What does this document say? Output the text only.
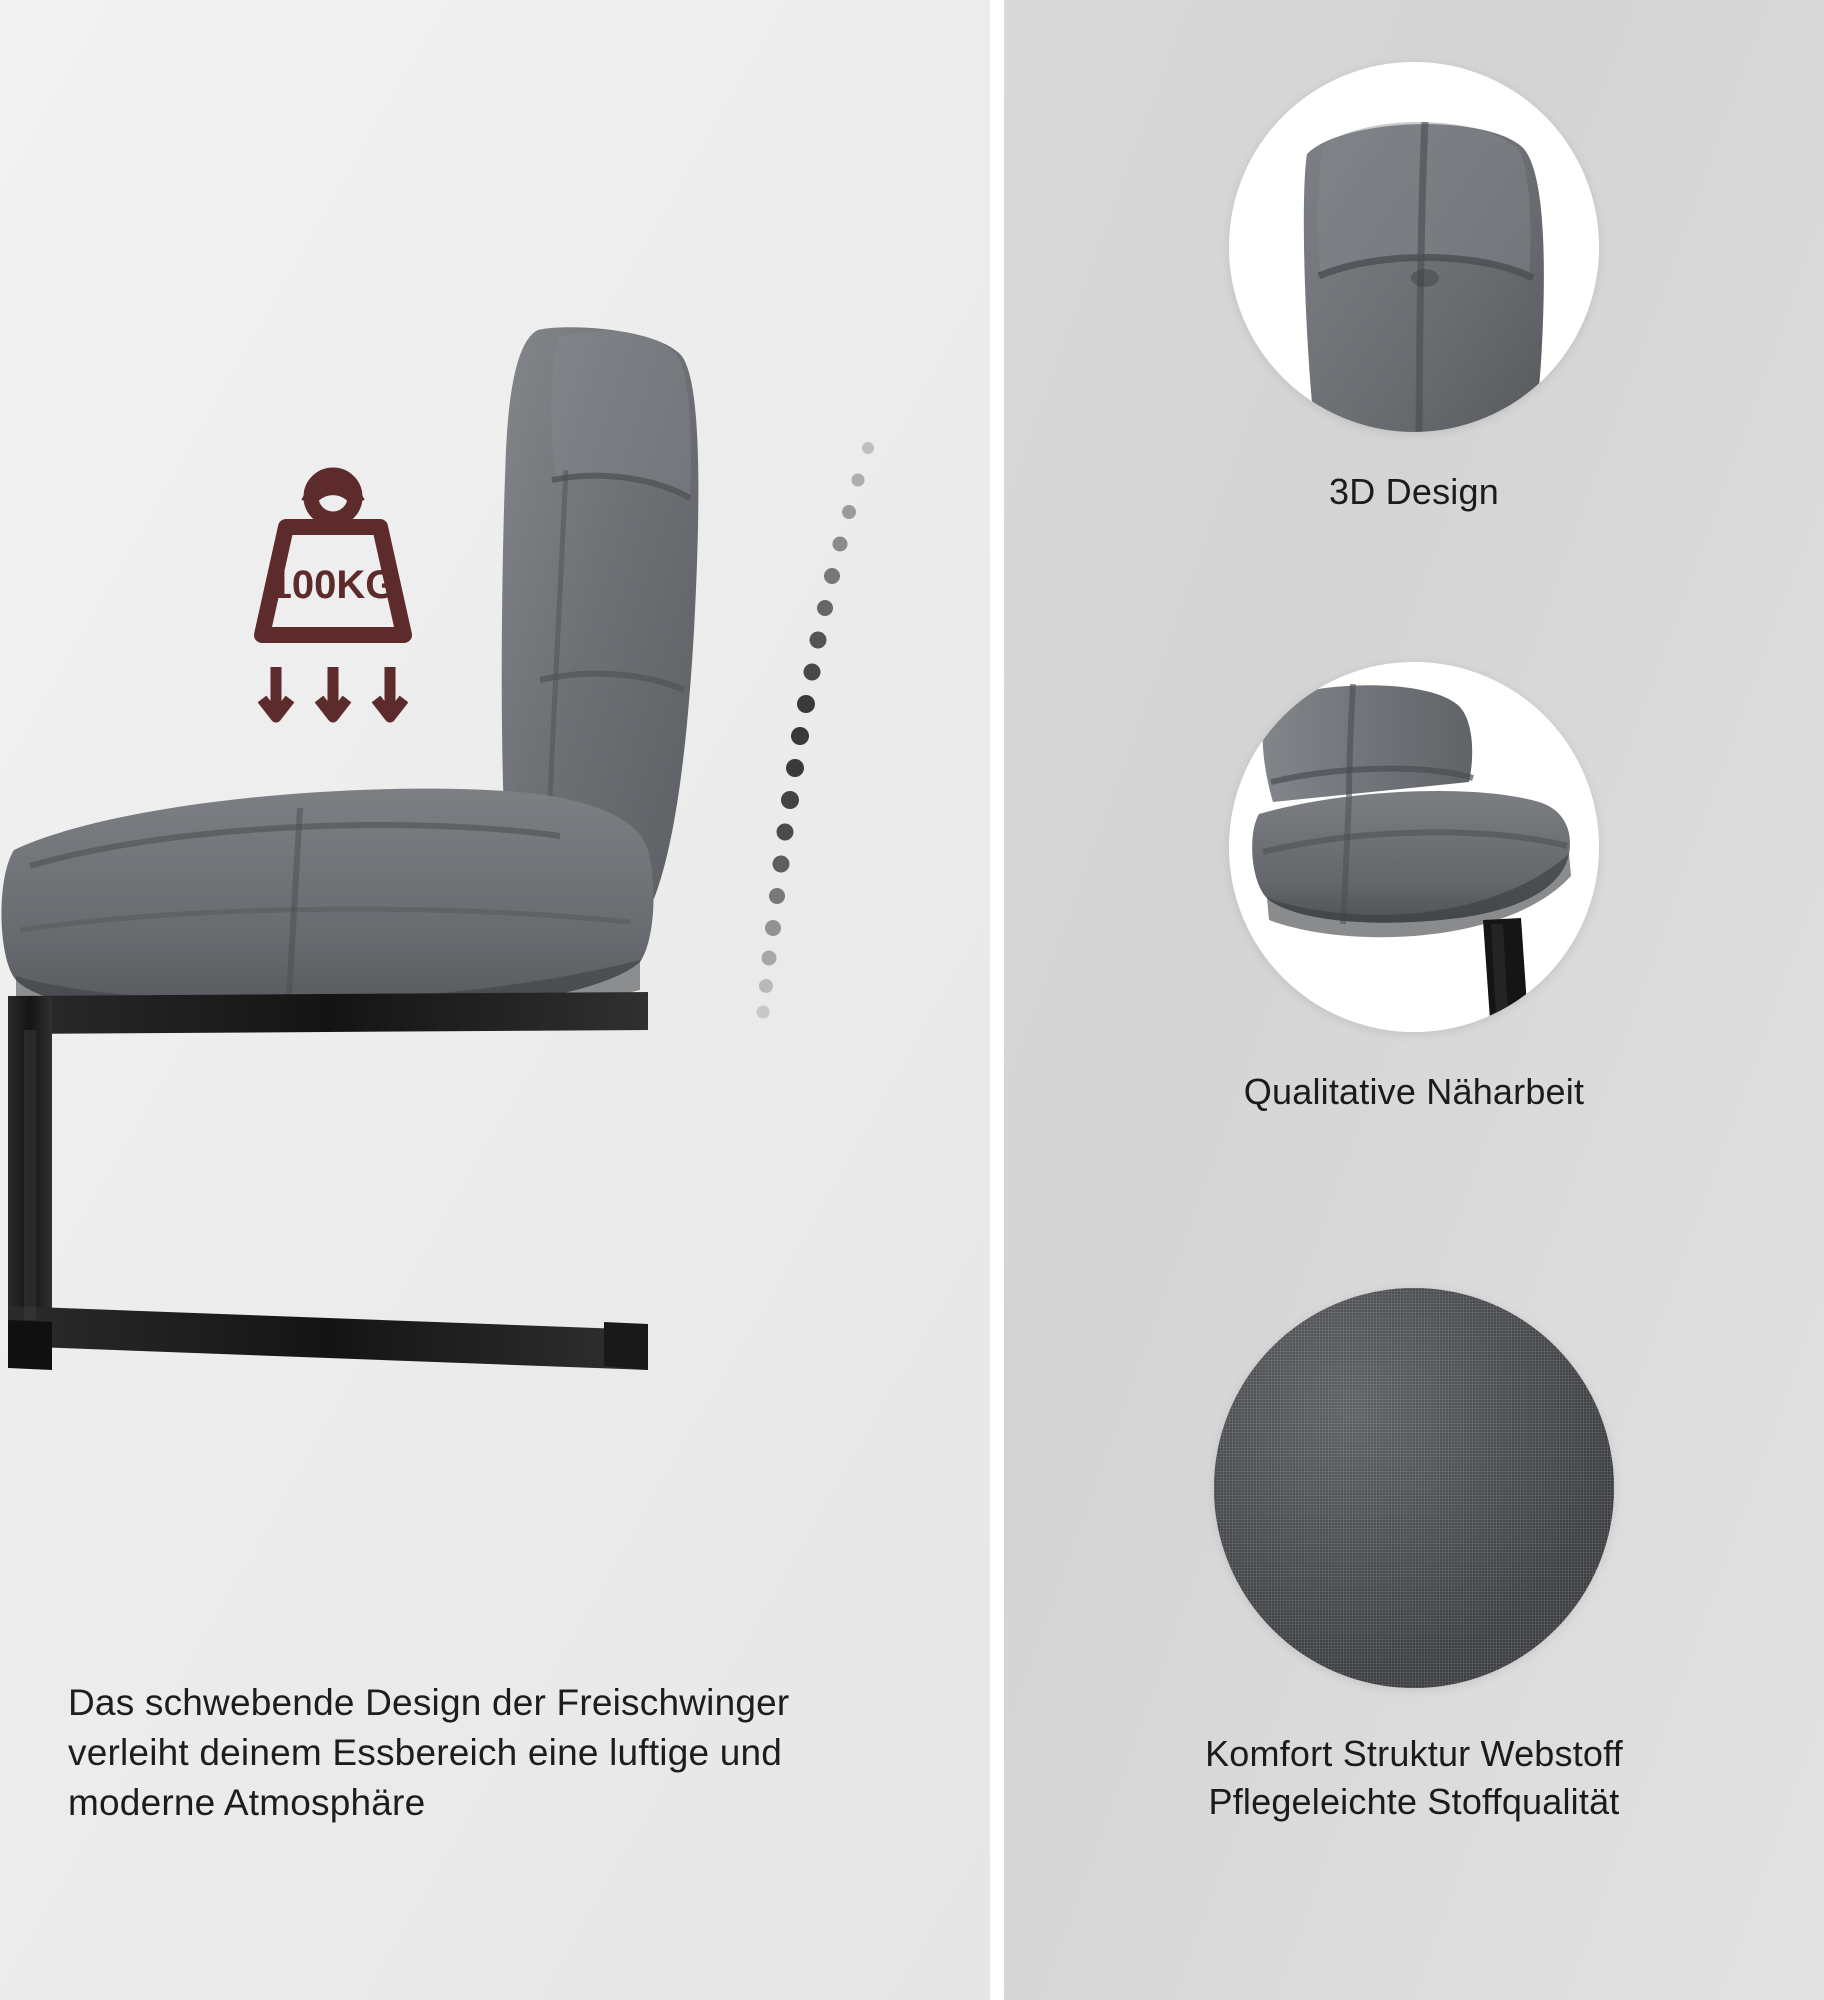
100KG
Das schwebende Design der Freischwinger verleiht deinem Essbereich eine luftige und moderne Atmosphäre
3D Design
Qualitative Näharbeit
Komfort Struktur Webstoff
Pflegeleichte Stoffqualität
